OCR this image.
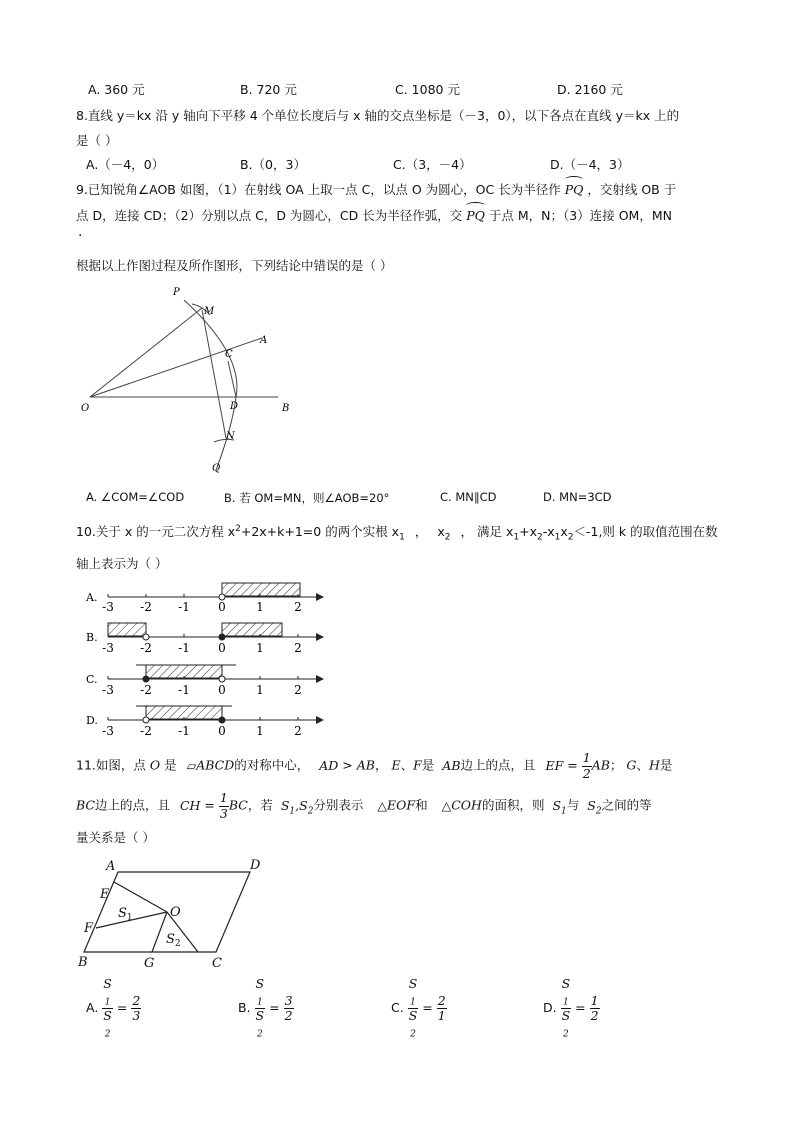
A. 360 元	B. 720 元	C. 1080 元	D. 2160 元
8.直线 y＝kx 沿 y 轴向下平移 4 个单位长度后与 x 轴的交点坐标是（－3，0），以下各点在直线 y＝kx 上的
是（ ）
A.（－4，0）	B.（0，3）	C.（3，－4）	D.（－4，3）
9.已知锐角∠AOB 如图，（1）在射线 OA 上取一点 C，以点 O 为圆心，OC 长为半径作 PQ ，交射线 OB 于
点 D，连接 CD；（2）分别以点 C，D 为圆心，CD 长为半径作弧，交 PQ 于点 M，N；（3）连接 OM，MN
·
根据以上作图过程及所作图形，下列结论中错误的是（ ）
P
M
A
C
O	D	B
N
Q
A. ∠COM=∠COD	B. 若 OM=MN，则∠AOB=20°	C. MN∥CD	D. MN=3CD
10.关于 x 的一元二次方程 $x^2+2x+k+1=0$ 的两个实根 $x_1$ ， $x_2$ ， 满足 $x_1+x_2-x_1x_2<-1$,则 k 的取值范围在数
轴上表示为（ ）
A.
B.
C.
D.
-3 -2 -1 0	1	2
-3 -2 -1 0	1	2
-3 -2 -1 0	1	2
-3 -2 -1 0	1	2
11.如图，点 O 是 ▱ABCD的对称中心， AD > AB， E、F是 AB边上的点，且 EF = $\frac{1}{2}$ AB； G、H是
BC边上的点，且 CH = $\frac{1}{3}$ BC，若 $S_1,S_2$分别表示 △EOF和 △COH的面积，则 $S_1$与 $S_2$之间的等
量关系是（ ）
A	D
E
O
F
B	G	C
$S_1$
$S_2$
A. S
$_1$
S
$_2 = \frac{2}{3}$	B. S
$_1$
S
$_2 = \frac{3}{2}$	C. S
$_1$
S
$_2 = \frac{2}{1}$	D. S
$_1$
S
$_2 = \frac{1}{2}$
